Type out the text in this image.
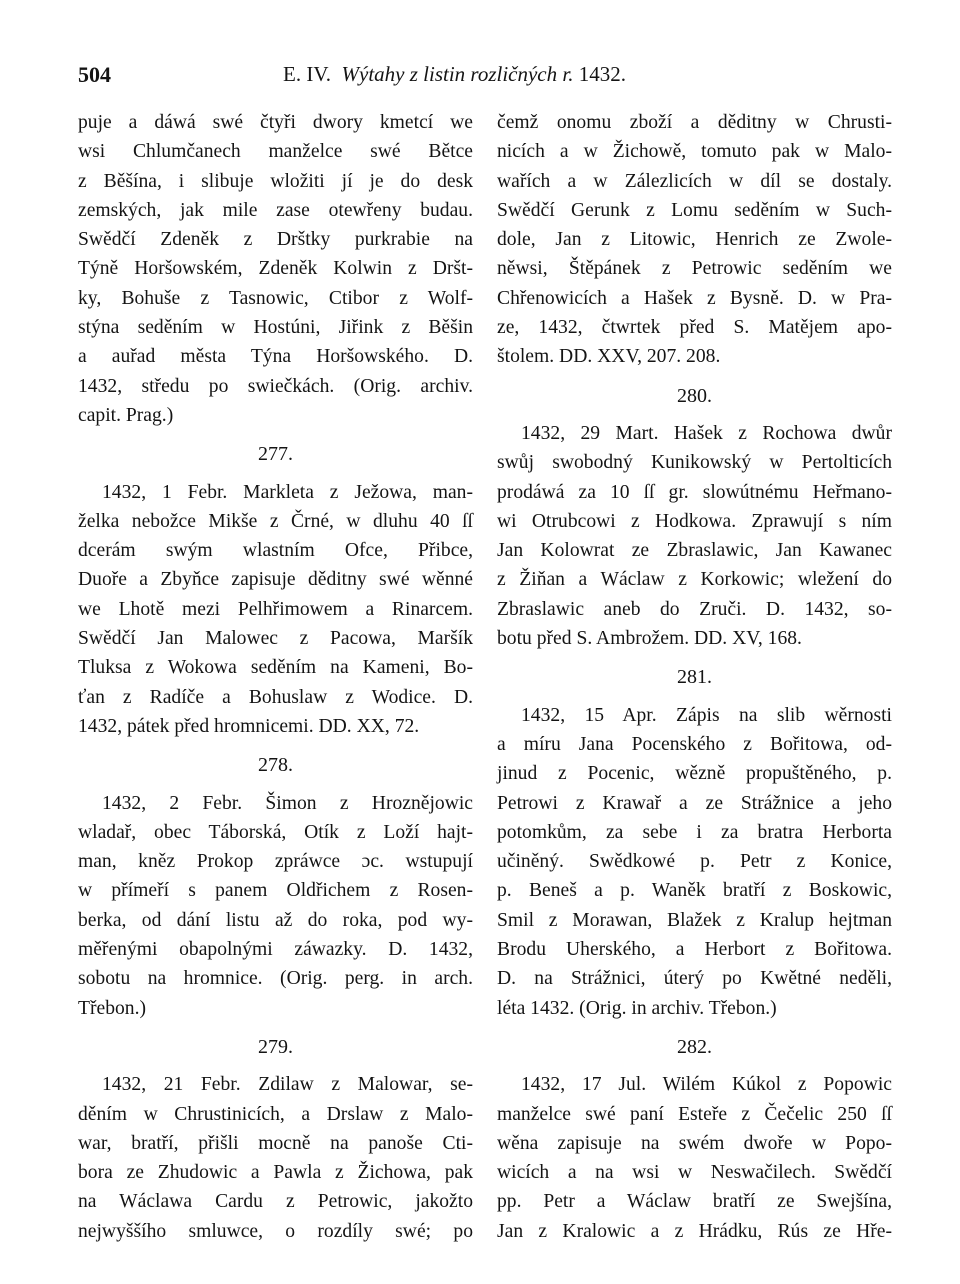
504	E. IV. Wýtahy z listin rozličných r. 1432.
puje a dáwá swé čtyři dwory kmetcí we
wsi Chlumčanech manželce swé Bětce
z Běšína, i slibuje wložiti jí je do desk
zemských, jak mile zase otewřeny budau.
Swědčí Zdeněk z Drštky purkrabie na
Týně Horšowském, Zdeněk Kolwin z Dršt-
ky, Bohuše z Tasnowic, Ctibor z Wolf-
stýna seděním w Hostúni, Jiřink z Běšin
a auřad města Týna Horšowského. D.
1432, středu po swiečkách. (Orig. archiv.
capit. Prag.)
277.
1432, 1 Febr. Markleta z Ježowa, man-
želka nebožce Mikše z Črné, w dluhu 40 ſſ
dcerám swým wlastním Ofce, Přibce,
Duoře a Zbyňce zapisuje děditny swé wěnné
we Lhotě mezi Pelhřimowem a Rinarcem.
Swědčí Jan Malowec z Pacowa, Maršík
Tluksa z Wokowa seděním na Kameni, Bo-
ťan z Radíče a Bohuslaw z Wodice. D.
1432, pátek před hromnicemi. DD. XX, 72.
278.
1432, 2 Febr. Šimon z Hroznějowic
wladař, obec Táborská, Otík z Loží hajt-
man, kněz Prokop zpráwce ɔc. wstupují
w přímeří s panem Oldřichem z Rosen-
berka, od dání listu až do roka, pod wy-
měřenými obapolnými záwazky. D. 1432,
sobotu na hromnice. (Orig. perg. in arch.
Třebon.)
279.
1432, 21 Febr. Zdilaw z Malowar, se-
děním w Chrustinicích, a Drslaw z Malo-
war, bratří, přišli mocně na panoše Cti-
bora ze Zhudowic a Pawla z Žichowa, pak
na Wáclawa Cardu z Petrowic, jakožto
nejwyššího smluwce, o rozdíly swé; po
čemž onomu zboží a děditny w Chrusti-
nicích a w Žichowě, tomuto pak w Malo-
wařích a w Zálezlicích w díl se dostaly.
Swědčí Gerunk z Lomu seděním w Such-
dole, Jan z Litowic, Henrich ze Zwole-
něwsi, Štěpánek z Petrowic seděním we
Chřenowicích a Hašek z Bysně. D. w Pra-
ze, 1432, čtwrtek před S. Matějem apo-
štolem. DD. XXV, 207. 208.
280.
1432, 29 Mart. Hašek z Rochowa dwůr
swůj swobodný Kunikowský w Pertolticích
prodáwá za 10 ſſ gr. slowútnému Heřmano-
wi Otrubcowi z Hodkowa. Zprawují s ním
Jan Kolowrat ze Zbraslawic, Jan Kawanec
z Žiňan a Wáclaw z Korkowic; wležení do
Zbraslawic aneb do Zruči. D. 1432, so-
botu před S. Ambrožem. DD. XV, 168.
281.
1432, 15 Apr. Zápis na slib wěrnosti
a míru Jana Pocenského z Bořitowa, od-
jinud z Pocenic, wězně propuštěného, p.
Petrowi z Krawař a ze Strážnice a jeho
potomkům, za sebe i za bratra Herborta
učiněný. Swědkowé p. Petr z Konice,
p. Beneš a p. Waněk bratří z Boskowic,
Smil z Morawan, Blažek z Kralup hejtman
Brodu Uherského, a Herbort z Bořitowa.
D. na Strážnici, úterý po Kwětné neděli,
léta 1432. (Orig. in archiv. Třebon.)
282.
1432, 17 Jul. Wilém Kúkol z Popowic
manželce swé paní Esteře z Čečelic 250 ſſ
wěna zapisuje na swém dwoře w Popo-
wicích a na wsi w Neswačilech. Swědčí
pp. Petr a Wáclaw bratří ze Swejšína,
Jan z Kralowic a z Hrádku, Rús ze Hře-
